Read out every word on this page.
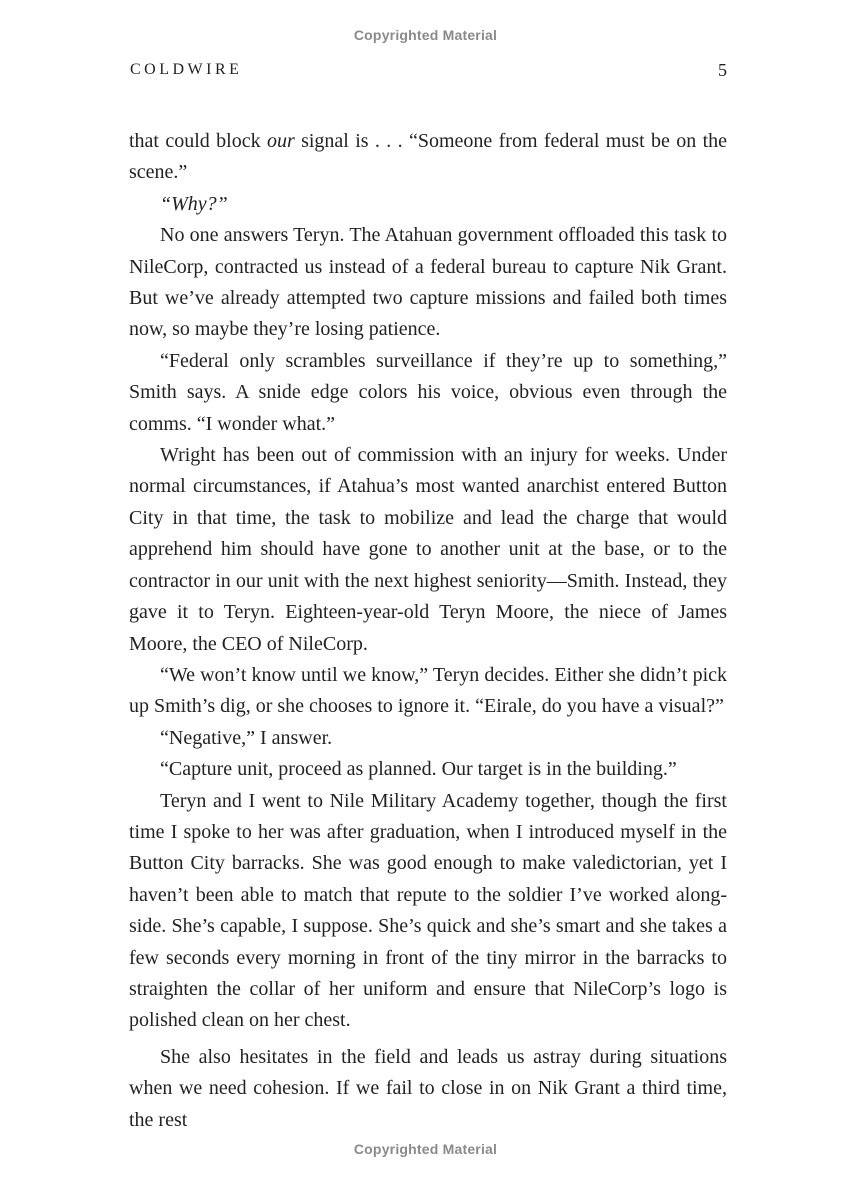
Copyrighted Material
COLDWIRE	5

that could block our signal is . . . “Someone from federal must be on the scene.”

“Why?”

No one answers Teryn. The Atahuan government offloaded this task to NileCorp, contracted us instead of a federal bureau to capture Nik Grant. But we’ve already attempted two capture missions and failed both times now, so maybe they’re losing patience.

“Federal only scrambles surveillance if they’re up to something,” Smith says. A snide edge colors his voice, obvious even through the comms. “I wonder what.”

Wright has been out of commission with an injury for weeks. Under normal circumstances, if Atahua’s most wanted anarchist entered Button City in that time, the task to mobilize and lead the charge that would apprehend him should have gone to another unit at the base, or to the contractor in our unit with the next highest seniority—Smith. Instead, they gave it to Teryn. Eighteen-year-old Teryn Moore, the niece of James Moore, the CEO of NileCorp.

“We won’t know until we know,” Teryn decides. Either she didn’t pick up Smith’s dig, or she chooses to ignore it. “Eirale, do you have a visual?”

“Negative,” I answer.

“Capture unit, proceed as planned. Our target is in the building.”

Teryn and I went to Nile Military Academy together, though the first time I spoke to her was after graduation, when I introduced myself in the Button City barracks. She was good enough to make valedictorian, yet I haven’t been able to match that repute to the soldier I’ve worked alongside. She’s capable, I suppose. She’s quick and she’s smart and she takes a few seconds every morning in front of the tiny mirror in the barracks to straighten the collar of her uniform and ensure that NileCorp’s logo is polished clean on her chest.

She also hesitates in the field and leads us astray during situations when we need cohesion. If we fail to close in on Nik Grant a third time, the rest

Copyrighted Material
